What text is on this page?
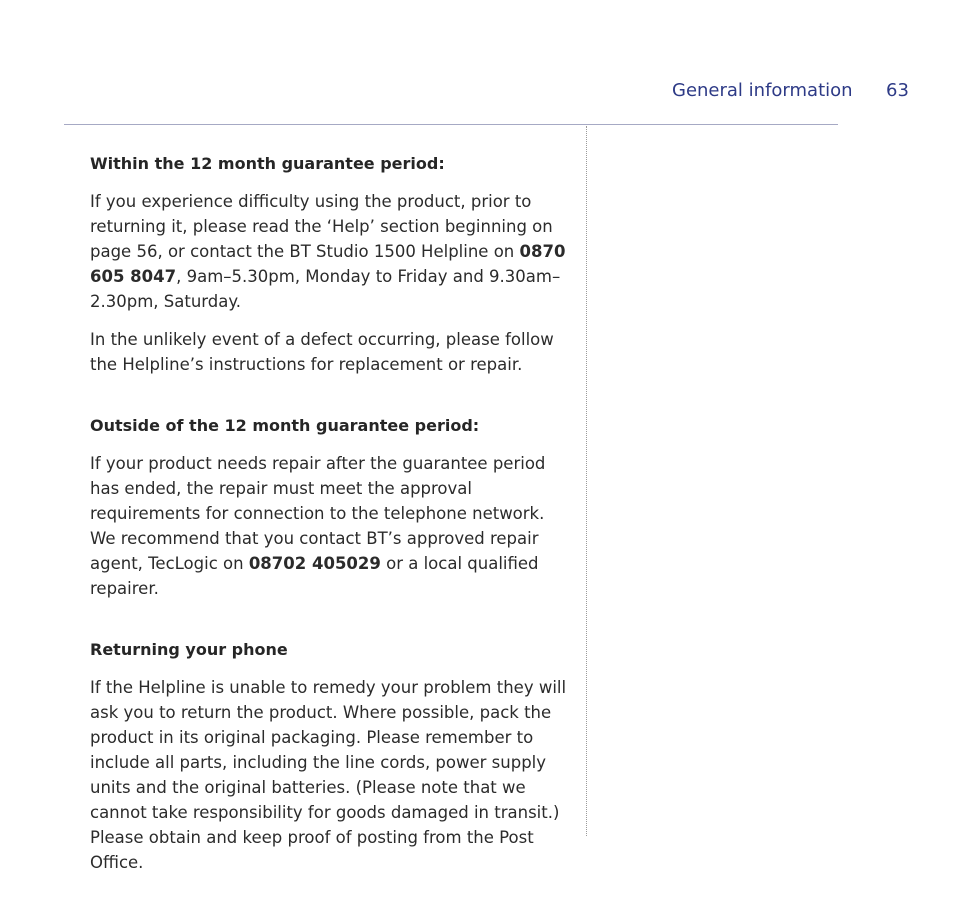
General information 63
Within the 12 month guarantee period:

If you experience difficulty using the product, prior to returning it, please read the ‘Help’ section beginning on page 56, or contact the BT Studio 1500 Helpline on 0870 605 8047, 9am–5.30pm, Monday to Friday and 9.30am–2.30pm, Saturday.

In the unlikely event of a defect occurring, please follow the Helpline’s instructions for replacement or repair.

Outside of the 12 month guarantee period:

If your product needs repair after the guarantee period has ended, the repair must meet the approval requirements for connection to the telephone network. We recommend that you contact BT’s approved repair agent, TecLogic on 08702 405029 or a local qualified repairer.

Returning your phone

If the Helpline is unable to remedy your problem they will ask you to return the product. Where possible, pack the product in its original packaging. Please remember to include all parts, including the line cords, power supply units and the original batteries. (Please note that we cannot take responsibility for goods damaged in transit.) Please obtain and keep proof of posting from the Post Office.
